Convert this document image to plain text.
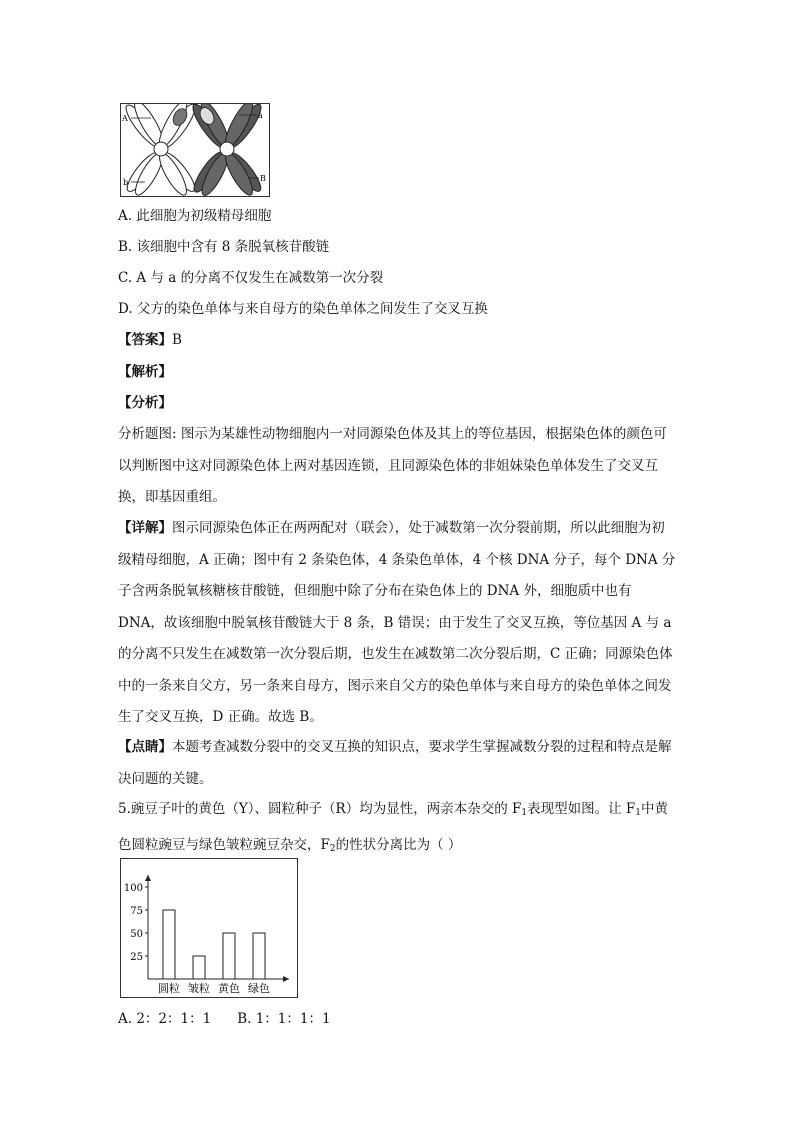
A
b
a
B
A. 此细胞为初级精母细胞
B. 该细胞中含有 8 条脱氧核苷酸链
C. A 与 a 的分离不仅发生在减数第一次分裂
D. 父方的染色单体与来自母方的染色单体之间发生了交叉互换
【答案】B
【解析】
【分析】
分析题图: 图示为某雄性动物细胞内一对同源染色体及其上的等位基因，根据染色体的颜色可以判断图中这对同源染色体上两对基因连锁，且同源染色体的非姐妹染色单体发生了交叉互换，即基因重组。
【详解】图示同源染色体正在两两配对（联会），处于减数第一次分裂前期，所以此细胞为初级精母细胞，A 正确；图中有 2 条染色体，4 条染色单体，4 个核 DNA 分子，每个 DNA 分子含两条脱氧核糖核苷酸链，但细胞中除了分布在染色体上的 DNA 外，细胞质中也有 DNA，故该细胞中脱氧核苷酸链大于 8 条，B 错误；由于发生了交叉互换，等位基因 A 与 a 的分离不只发生在减数第一次分裂后期，也发生在减数第二次分裂后期，C 正确；同源染色体中的一条来自父方，另一条来自母方，图示来自父方的染色单体与来自母方的染色单体之间发生了交叉互换，D 正确。故选 B。
【点睛】本题考查减数分裂中的交叉互换的知识点，要求学生掌握减数分裂的过程和特点是解决问题的关键。
5.豌豆子叶的黄色（Y）、圆粒种子（R）均为显性，两亲本杂交的 $F_1$表现型如图。让 $F_1$中黄色圆粒豌豆与绿色皱粒豌豆杂交，$F_2$的性状分离比为（ ）
100
75
50
25
圆粒 皱粒 黄色 绿色
A. 2：2：1：1 B. 1：1：1：1
